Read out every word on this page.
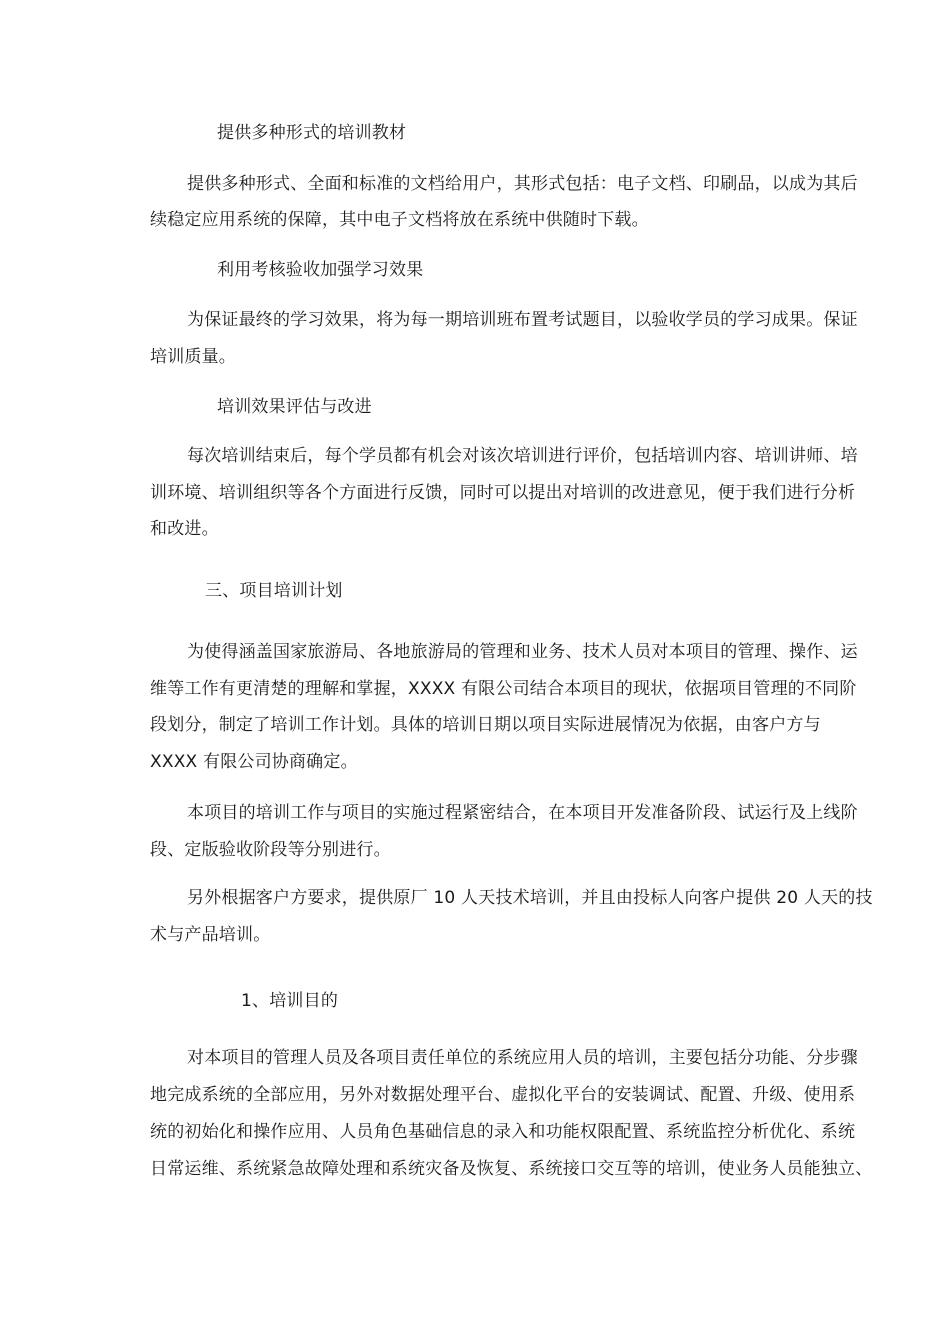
提供多种形式的培训教材

提供多种形式、全面和标准的文档给用户，其形式包括：电子文档、印刷品，以成为其后

续稳定应用系统的保障，其中电子文档将放在系统中供随时下载。

利用考核验收加强学习效果

为保证最终的学习效果，将为每一期培训班布置考试题目，以验收学员的学习成果。保证

培训质量。

培训效果评估与改进

每次培训结束后，每个学员都有机会对该次培训进行评价，包括培训内容、培训讲师、培

训环境、培训组织等各个方面进行反馈，同时可以提出对培训的改进意见，便于我们进行分析

和改进。

三、项目培训计划

为使得涵盖国家旅游局、各地旅游局的管理和业务、技术人员对本项目的管理、操作、运

维等工作有更清楚的理解和掌握，XXXX 有限公司结合本项目的现状，依据项目管理的不同阶

段划分，制定了培训工作计划。具体的培训日期以项目实际进展情况为依据，由客户方与

XXXX 有限公司协商确定。

本项目的培训工作与项目的实施过程紧密结合，在本项目开发准备阶段、试运行及上线阶

段、定版验收阶段等分别进行。

另外根据客户方要求，提供原厂 10 人天技术培训，并且由投标人向客户提供 20 人天的技

术与产品培训。

1、培训目的

对本项目的管理人员及各项目责任单位的系统应用人员的培训，主要包括分功能、分步骤

地完成系统的全部应用，另外对数据处理平台、虚拟化平台的安装调试、配置、升级、使用系

统的初始化和操作应用、人员角色基础信息的录入和功能权限配置、系统监控分析优化、系统

日常运维、系统紧急故障处理和系统灾备及恢复、系统接口交互等的培训，使业务人员能独立、
